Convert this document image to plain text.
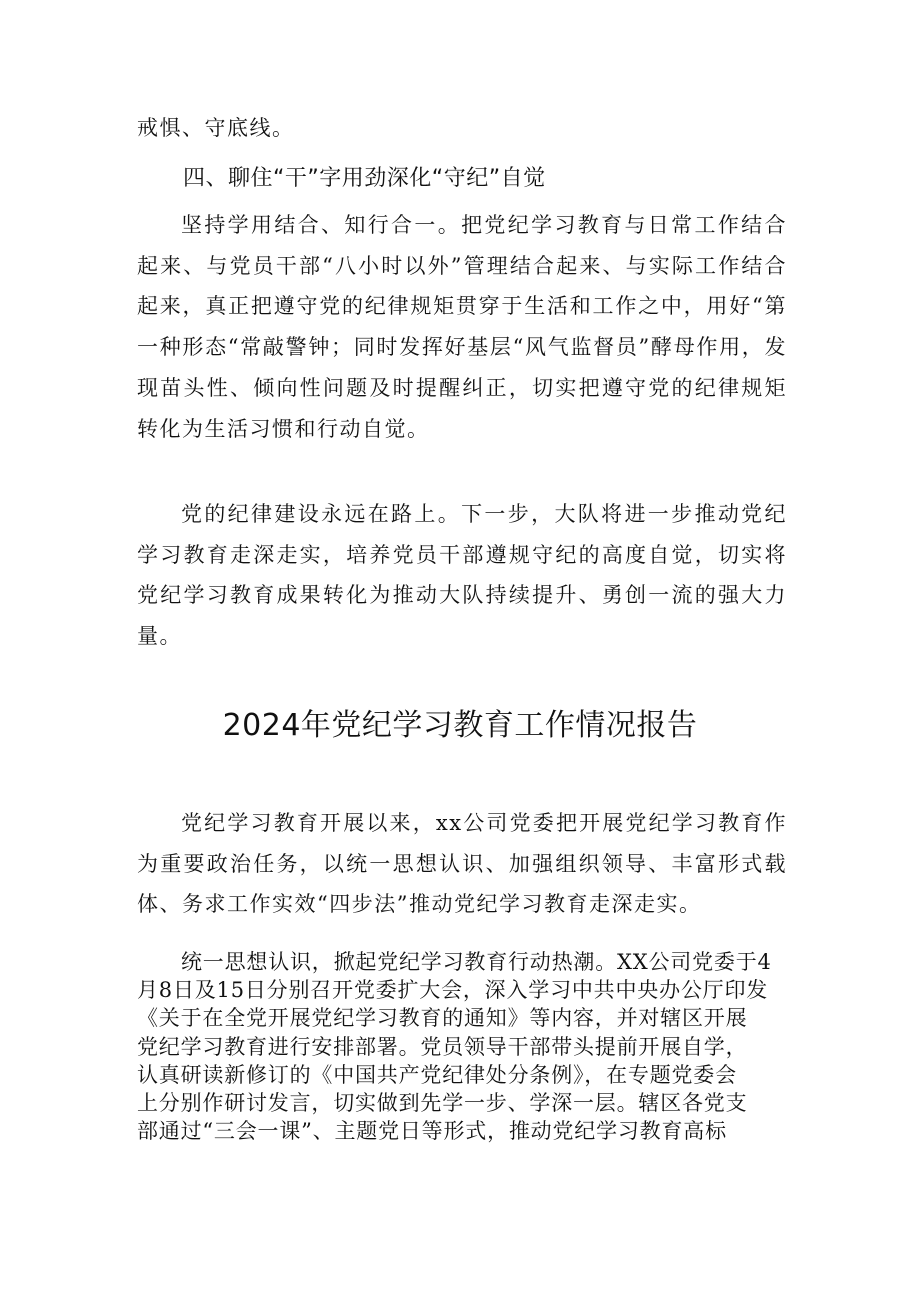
戒惧、守底线。

四、聊住“干”字用劲深化“守纪”自觉

坚持学用结合、知行合一。把党纪学习教育与日常工作结合起来、与党员干部“八小时以外”管理结合起来、与实际工作结合起来，真正把遵守党的纪律规矩贯穿于生活和工作之中，用好“第一种形态“常敲警钟；同时发挥好基层“风气监督员”酵母作用，发现苗头性、倾向性问题及时提醒纠正，切实把遵守党的纪律规矩转化为生活习惯和行动自觉。

党的纪律建设永远在路上。下一步，大队将进一步推动党纪学习教育走深走实，培养党员干部遵规守纪的高度自觉，切实将党纪学习教育成果转化为推动大队持续提升、勇创一流的强大力量。

2024年党纪学习教育工作情况报告

党纪学习教育开展以来，xx公司党委把开展党纪学习教育作为重要政治任务，以统一思想认识、加强组织领导、丰富形式载体、务求工作实效“四步法”推动党纪学习教育走深走实。

统一思想认识，掀起党纪学习教育行动热潮。XX公司党委于4
月8日及15日分别召开党委扩大会，深入学习中共中央办公厅印发
《关于在全党开展党纪学习教育的通知》等内容，并对辖区开展
党纪学习教育进行安排部署。党员领导干部带头提前开展自学，
认真研读新修订的《中国共产党纪律处分条例》，在专题党委会
上分别作研讨发言，切实做到先学一步、学深一层。辖区各党支
部通过“三会一课”、主题党日等形式，推动党纪学习教育高标
